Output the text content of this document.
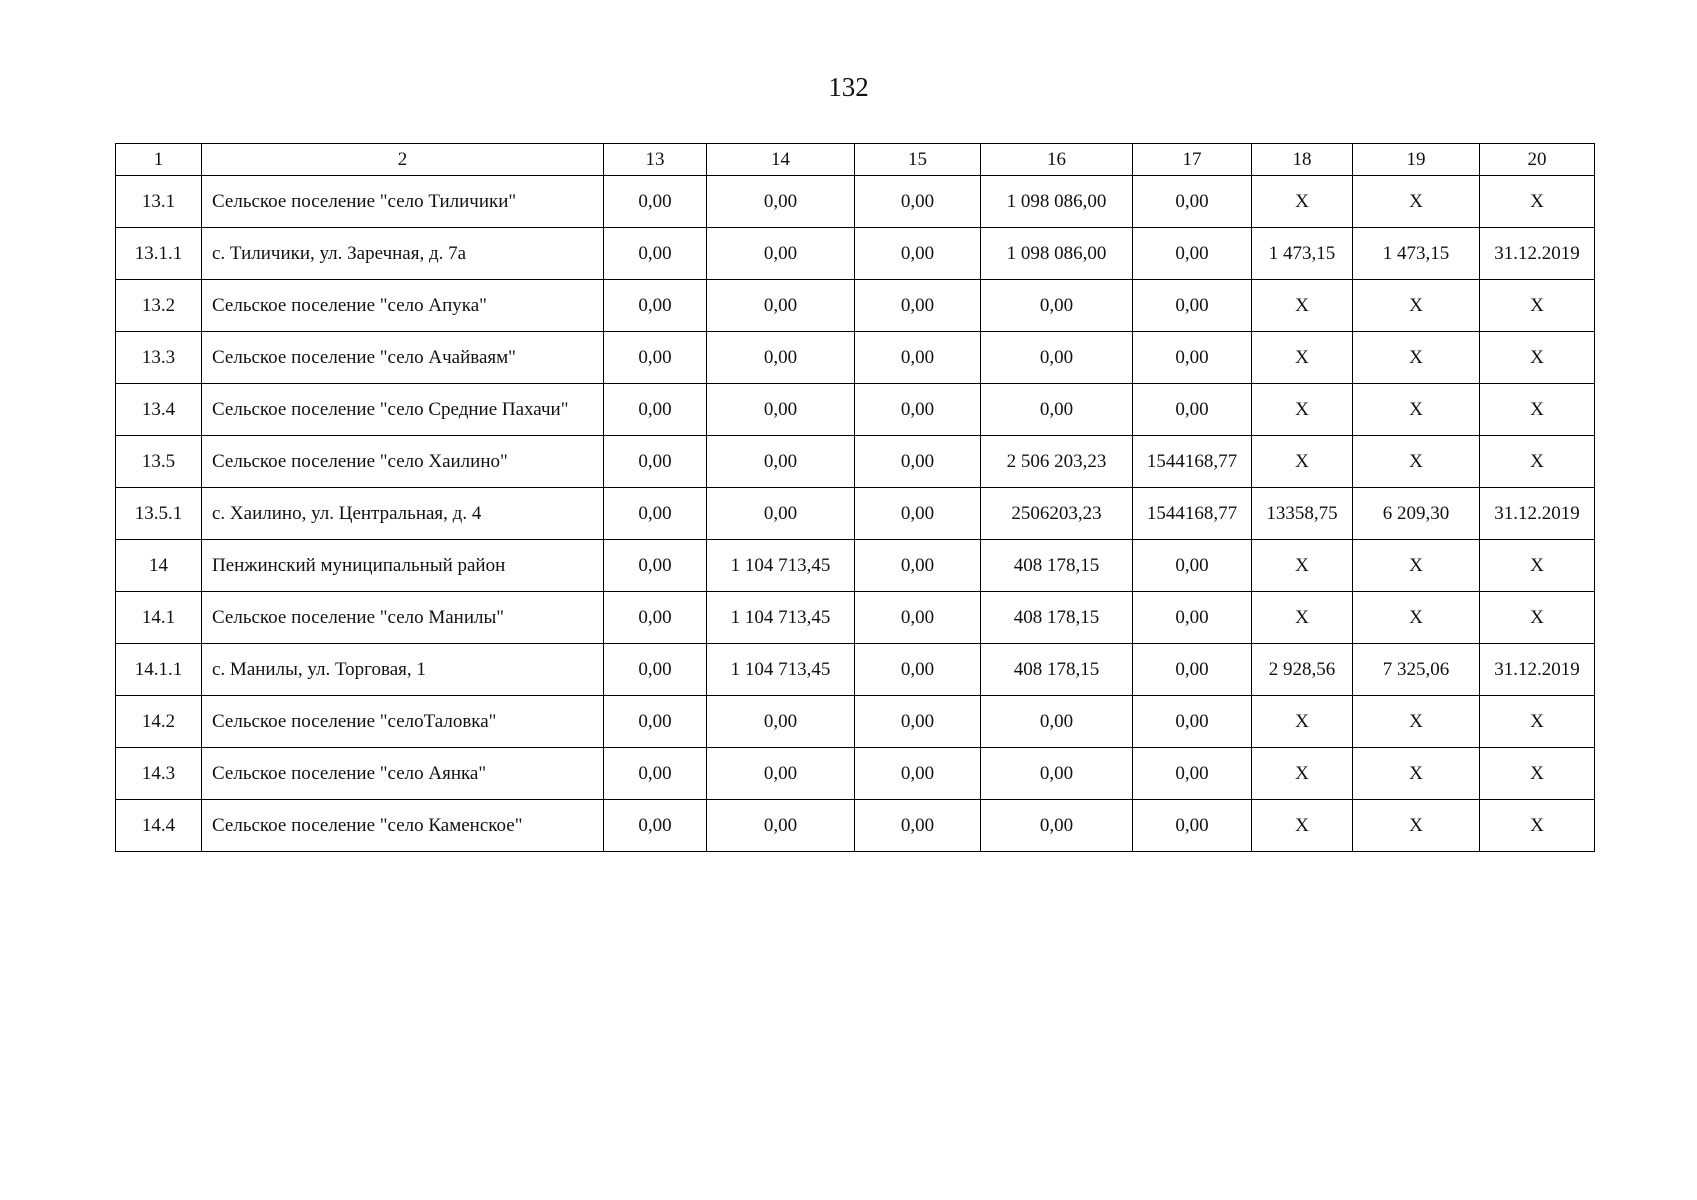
132
1	2	13	14	15	16	17	18	19	20
13.1	Сельское поселение "село Тиличики"	0,00	0,00	0,00	1 098 086,00	0,00	X	X	X
13.1.1	с. Тиличики, ул. Заречная, д. 7а	0,00	0,00	0,00	1 098 086,00	0,00	1 473,15	1 473,15	31.12.2019
13.2	Сельское поселение "село Апука"	0,00	0,00	0,00	0,00	0,00	X	X	X
13.3	Сельское поселение "село Ачайваям"	0,00	0,00	0,00	0,00	0,00	X	X	X
13.4	Сельское поселение "село Средние Пахачи"	0,00	0,00	0,00	0,00	0,00	X	X	X
13.5	Сельское поселение "село Хаилино"	0,00	0,00	0,00	2 506 203,23	1544168,77	X	X	X
13.5.1	с. Хаилино, ул. Центральная, д. 4	0,00	0,00	0,00	2506203,23	1544168,77	13358,75	6 209,30	31.12.2019
14	Пенжинский муниципальный район	0,00	1 104 713,45	0,00	408 178,15	0,00	X	X	X
14.1	Сельское поселение "село Манилы"	0,00	1 104 713,45	0,00	408 178,15	0,00	X	X	X
14.1.1	с. Манилы, ул. Торговая, 1	0,00	1 104 713,45	0,00	408 178,15	0,00	2 928,56	7 325,06	31.12.2019
14.2	Сельское поселение "селоТаловка"	0,00	0,00	0,00	0,00	0,00	X	X	X
14.3	Сельское поселение "село Аянка"	0,00	0,00	0,00	0,00	0,00	X	X	X
14.4	Сельское поселение "село Каменское"	0,00	0,00	0,00	0,00	0,00	X	X	X
